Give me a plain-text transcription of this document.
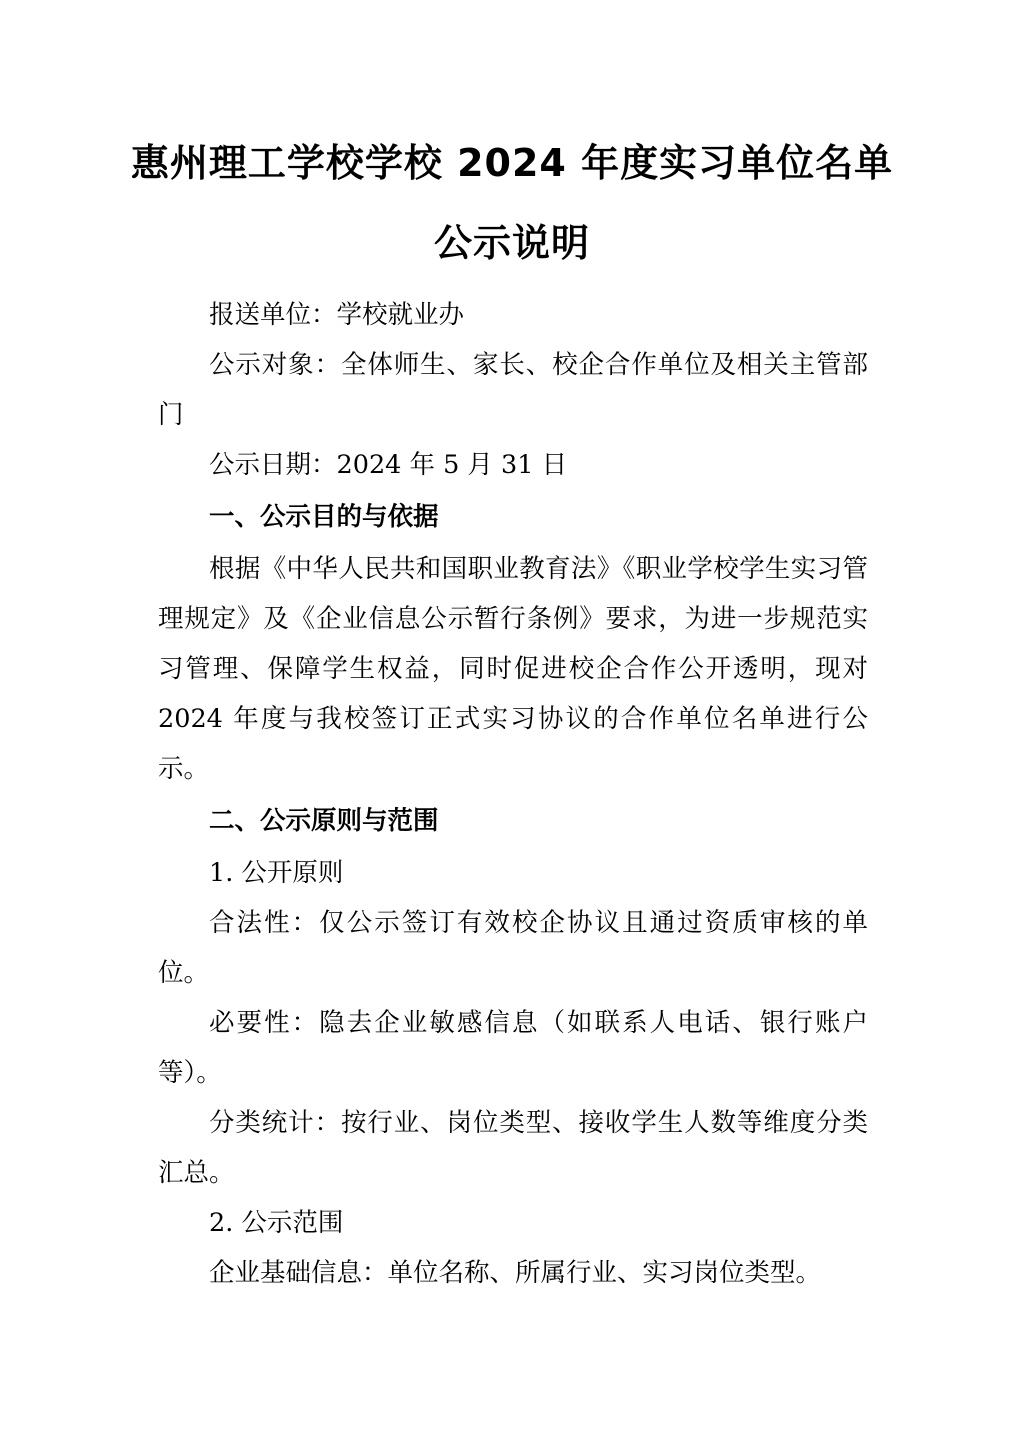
惠州理工学校学校 2024 年度实习单位名单
公示说明

报送单位：学校就业办

公示对象：全体师生、家长、校企合作单位及相关主管部门

公示日期：2024 年 5 月 31 日

一、公示目的与依据

根据《中华人民共和国职业教育法》《职业学校学生实习管理规定》及《企业信息公示暂行条例》要求，为进一步规范实习管理、保障学生权益，同时促进校企合作公开透明，现对 2024 年度与我校签订正式实习协议的合作单位名单进行公示。

二、公示原则与范围

1. 公开原则

合法性：仅公示签订有效校企协议且通过资质审核的单位。

必要性：隐去企业敏感信息（如联系人电话、银行账户等）。

分类统计：按行业、岗位类型、接收学生人数等维度分类汇总。

2. 公示范围

企业基础信息：单位名称、所属行业、实习岗位类型。
